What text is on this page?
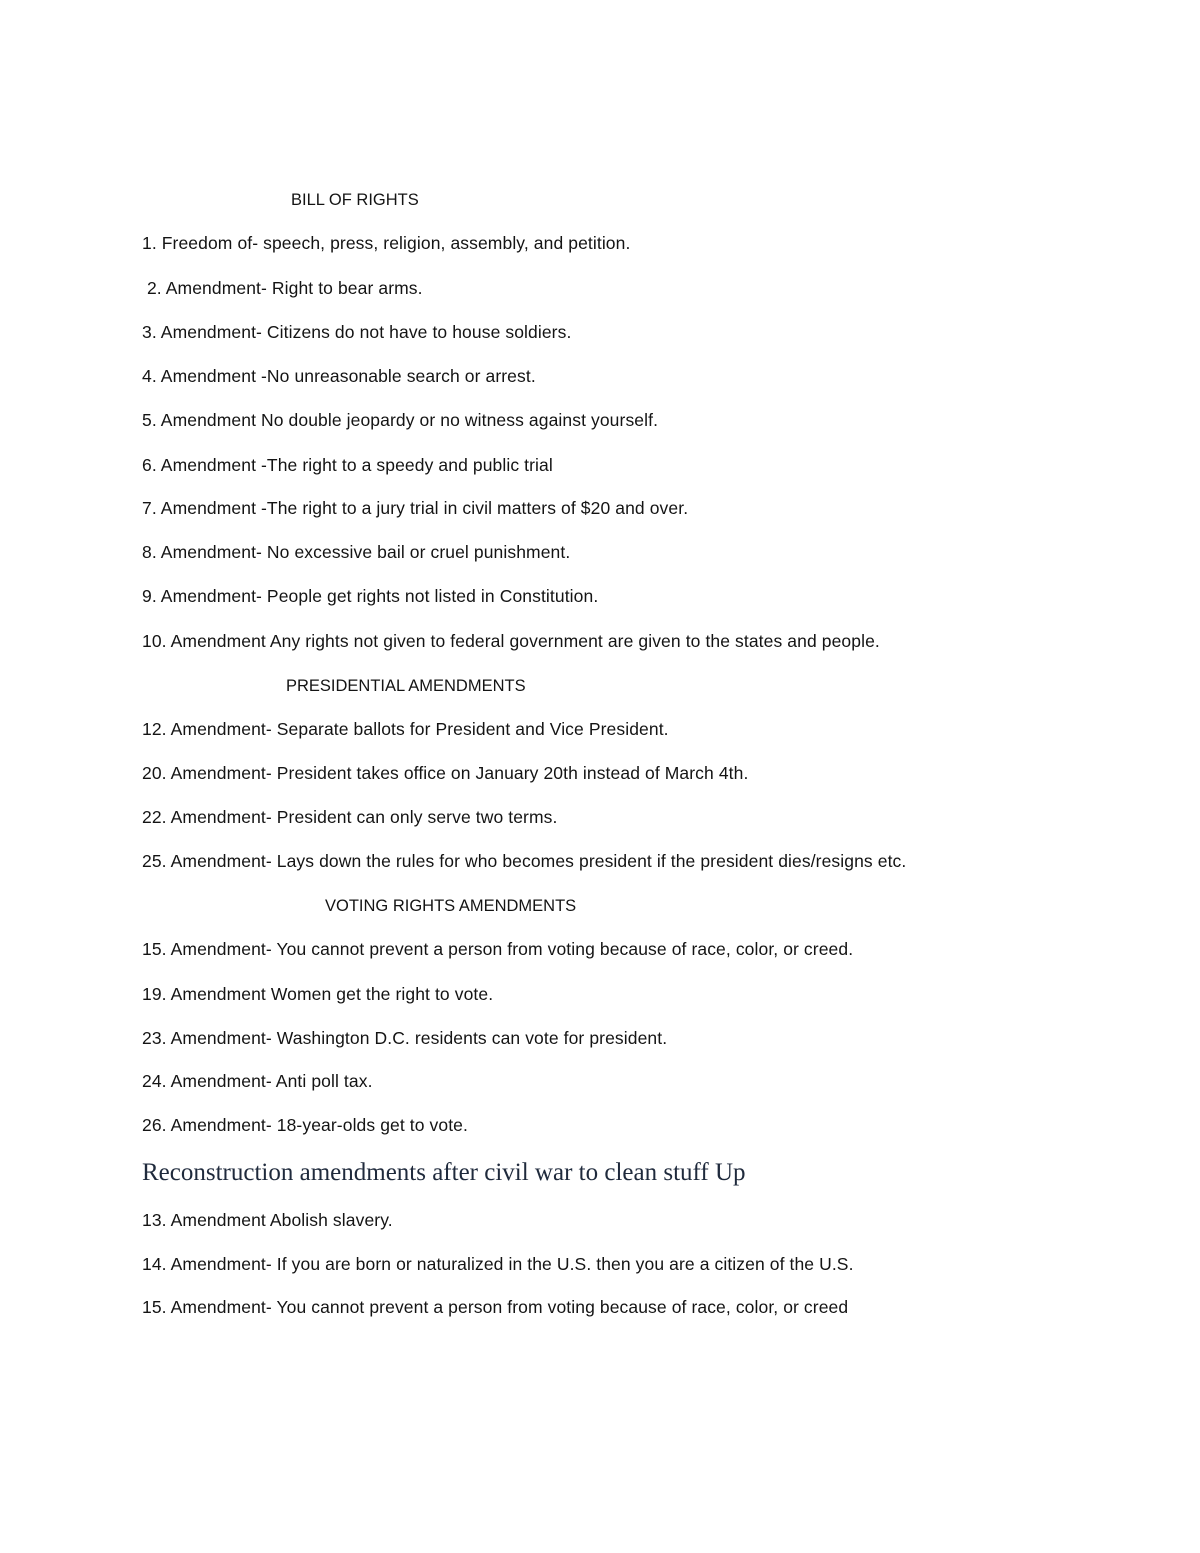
BILL OF RIGHTS
1. Freedom of- speech, press, religion, assembly, and petition.
2. Amendment- Right to bear arms.
3. Amendment- Citizens do not have to house soldiers.
4. Amendment -No unreasonable search or arrest.
5. Amendment No double jeopardy or no witness against yourself.
6. Amendment -The right to a speedy and public trial
7. Amendment -The right to a jury trial in civil matters of $20 and over.
8. Amendment- No excessive bail or cruel punishment.
9. Amendment- People get rights not listed in Constitution.
10. Amendment Any rights not given to federal government are given to the states and people.
PRESIDENTIAL AMENDMENTS
12. Amendment- Separate ballots for President and Vice President.
20. Amendment- President takes office on January 20th instead of March 4th.
22. Amendment- President can only serve two terms.
25. Amendment- Lays down the rules for who becomes president if the president dies/resigns etc.
VOTING RIGHTS AMENDMENTS
15. Amendment- You cannot prevent a person from voting because of race, color, or creed.
19. Amendment Women get the right to vote.
23. Amendment- Washington D.C. residents can vote for president.
24. Amendment- Anti poll tax.
26. Amendment- 18-year-olds get to vote.
Reconstruction amendments after civil war to clean stuff Up
13. Amendment Abolish slavery.
14. Amendment- If you are born or naturalized in the U.S. then you are a citizen of the U.S.
15. Amendment- You cannot prevent a person from voting because of race, color, or creed
